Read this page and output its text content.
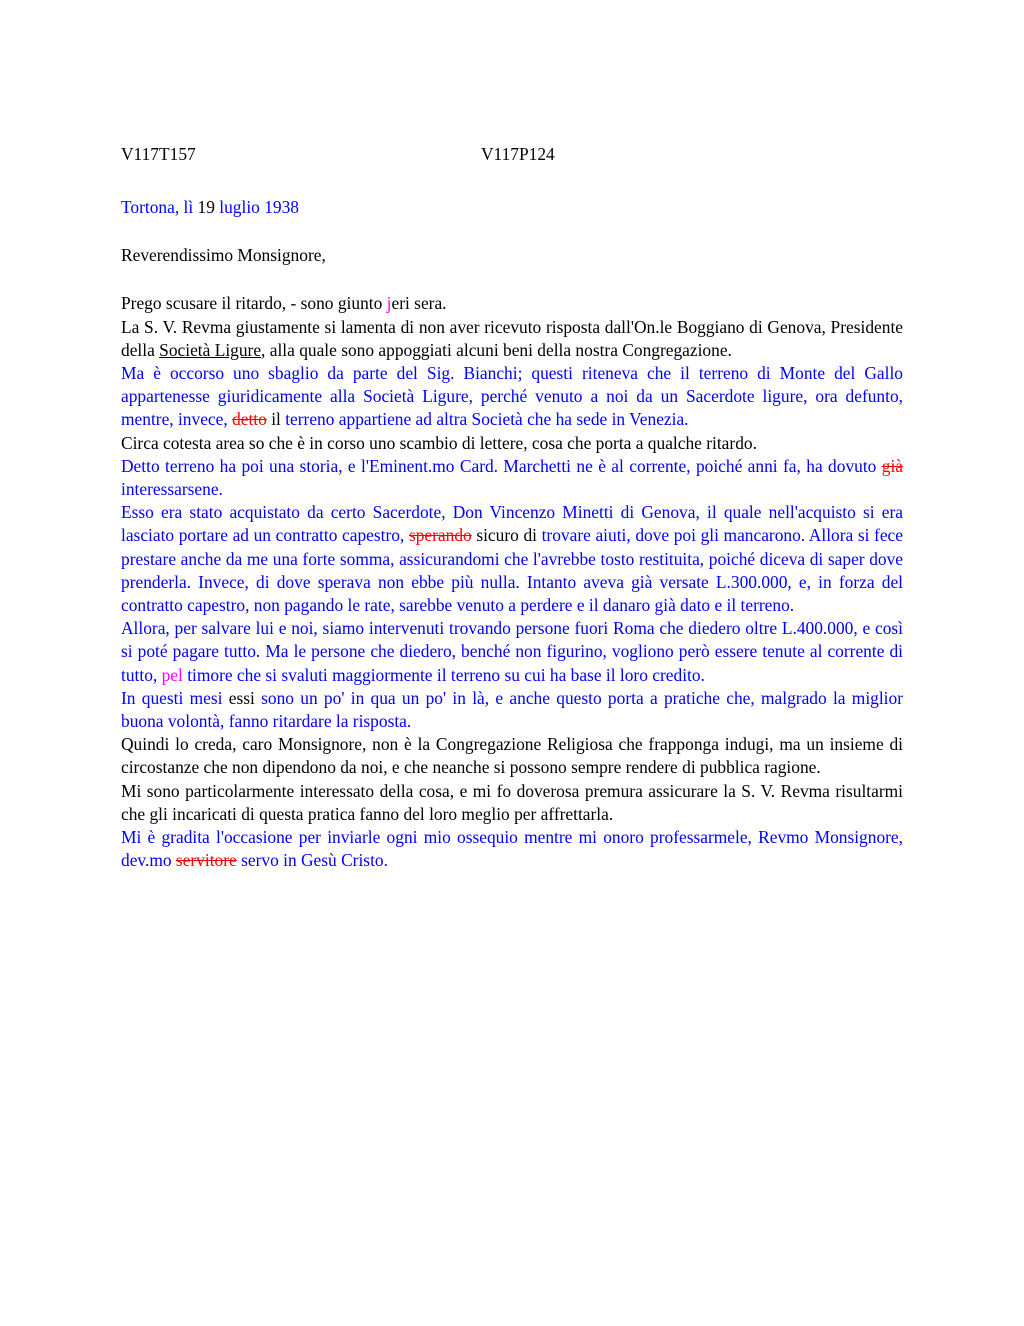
V117T157	V117P124

Tortona, lì 19 luglio 1938

Reverendissimo Monsignore,

Prego scusare il ritardo, - sono giunto jeri sera.

La S. V. Revma giustamente si lamenta di non aver ricevuto risposta dall'On.le Boggiano di Genova, Presidente della Società Ligure, alla quale sono appoggiati alcuni beni della nostra Congregazione.

Ma è occorso uno sbaglio da parte del Sig. Bianchi; questi riteneva che il terreno di Monte del Gallo appartenesse giuridicamente alla Società Ligure, perché venuto a noi da un Sacerdote ligure, ora defunto, mentre, invece, detto il terreno appartiene ad altra Società che ha sede in Venezia.

Circa cotesta area so che è in corso uno scambio di lettere, cosa che porta a qualche ritardo.

Detto terreno ha poi una storia, e l'Eminent.mo Card. Marchetti ne è al corrente, poiché anni fa, ha dovuto già interessarsene.

Esso era stato acquistato da certo Sacerdote, Don Vincenzo Minetti di Genova, il quale nell'acquisto si era lasciato portare ad un contratto capestro, sperando sicuro di trovare aiuti, dove poi gli mancarono. Allora si fece prestare anche da me una forte somma, assicurandomi che l'avrebbe tosto restituita, poiché diceva di saper dove prenderla. Invece, di dove sperava non ebbe più nulla. Intanto aveva già versate L.300.000, e, in forza del contratto capestro, non pagando le rate, sarebbe venuto a perdere e il danaro già dato e il terreno.

Allora, per salvare lui e noi, siamo intervenuti trovando persone fuori Roma che diedero oltre L.400.000, e così si poté pagare tutto. Ma le persone che diedero, benché non figurino, vogliono però essere tenute al corrente di tutto, pel timore che si svaluti maggiormente il terreno su cui ha base il loro credito.

In questi mesi essi sono un po' in qua un po' in là, e anche questo porta a pratiche che, malgrado la miglior buona volontà, fanno ritardare la risposta.

Quindi lo creda, caro Monsignore, non è la Congregazione Religiosa che frapponga indugi, ma un insieme di circostanze che non dipendono da noi, e che neanche si possono sempre rendere di pubblica ragione.

Mi sono particolarmente interessato della cosa, e mi fo doverosa premura assicurare la S. V. Revma risultarmi che gli incaricati di questa pratica fanno del loro meglio per affrettarla.

Mi è gradita l'occasione per inviarle ogni mio ossequio mentre mi onoro professarmele, Revmo Monsignore, dev.mo servitore servo in Gesù Cristo.
